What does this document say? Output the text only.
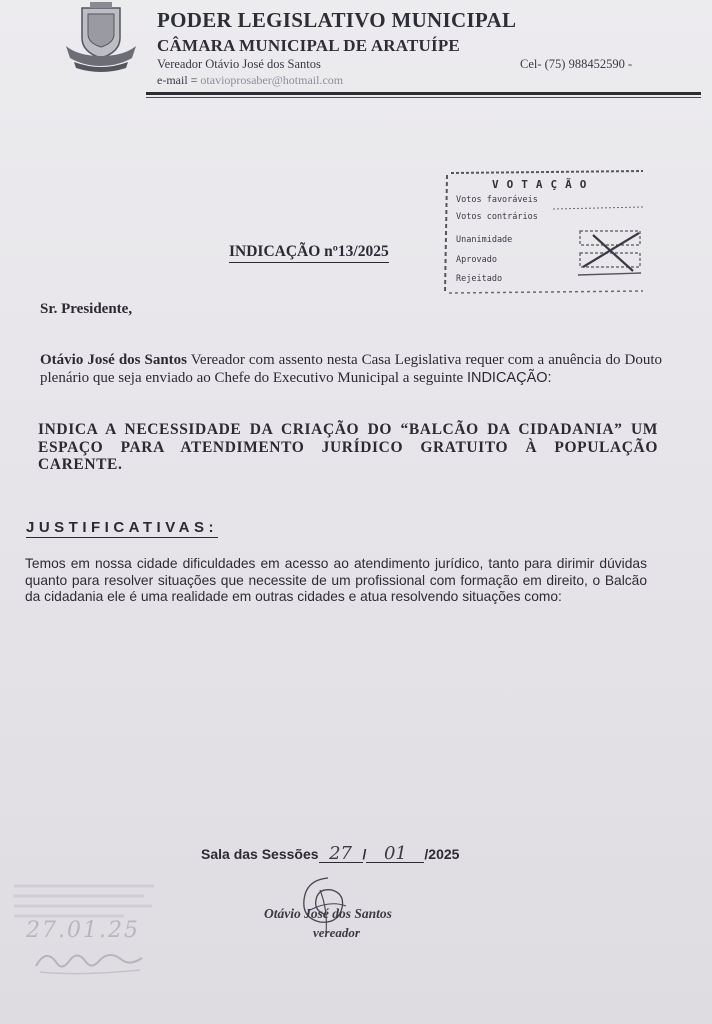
PODER LEGISLATIVO MUNICIPAL
CÂMARA MUNICIPAL DE ARATUÍPE
Vereador Otávio José dos Santos	Cel- (75) 988452590 -
e-mail = otavioprosaber@hotmail.com
VOTAÇÃO
Votos favoráveis
Votos contrários
Unanimidade
Aprovado
Rejeitado
INDICAÇÃO nº13/2025
Sr. Presidente,
Otávio José dos Santos Vereador com assento nesta Casa Legislativa requer com a anuência do Douto plenário que seja enviado ao Chefe do Executivo Municipal a seguinte INDICAÇÃO:
INDICA A NECESSIDADE DA CRIAÇÃO DO “BALCÃO DA CIDADANIA” UM ESPAÇO PARA ATENDIMENTO JURÍDICO GRATUITO À POPULAÇÃO CARENTE.
JUSTIFICATIVAS:
Temos em nossa cidade dificuldades em acesso ao atendimento jurídico, tanto para dirimir dúvidas quanto para resolver situações que necessite de um profissional com formação em direito, o Balcão da cidadania ele é uma realidade em outras cidades e atua resolvendo situações como:
Sala das Sessões 27 / 01 /2025
Otávio José dos Santos
vereador
27.01.25
